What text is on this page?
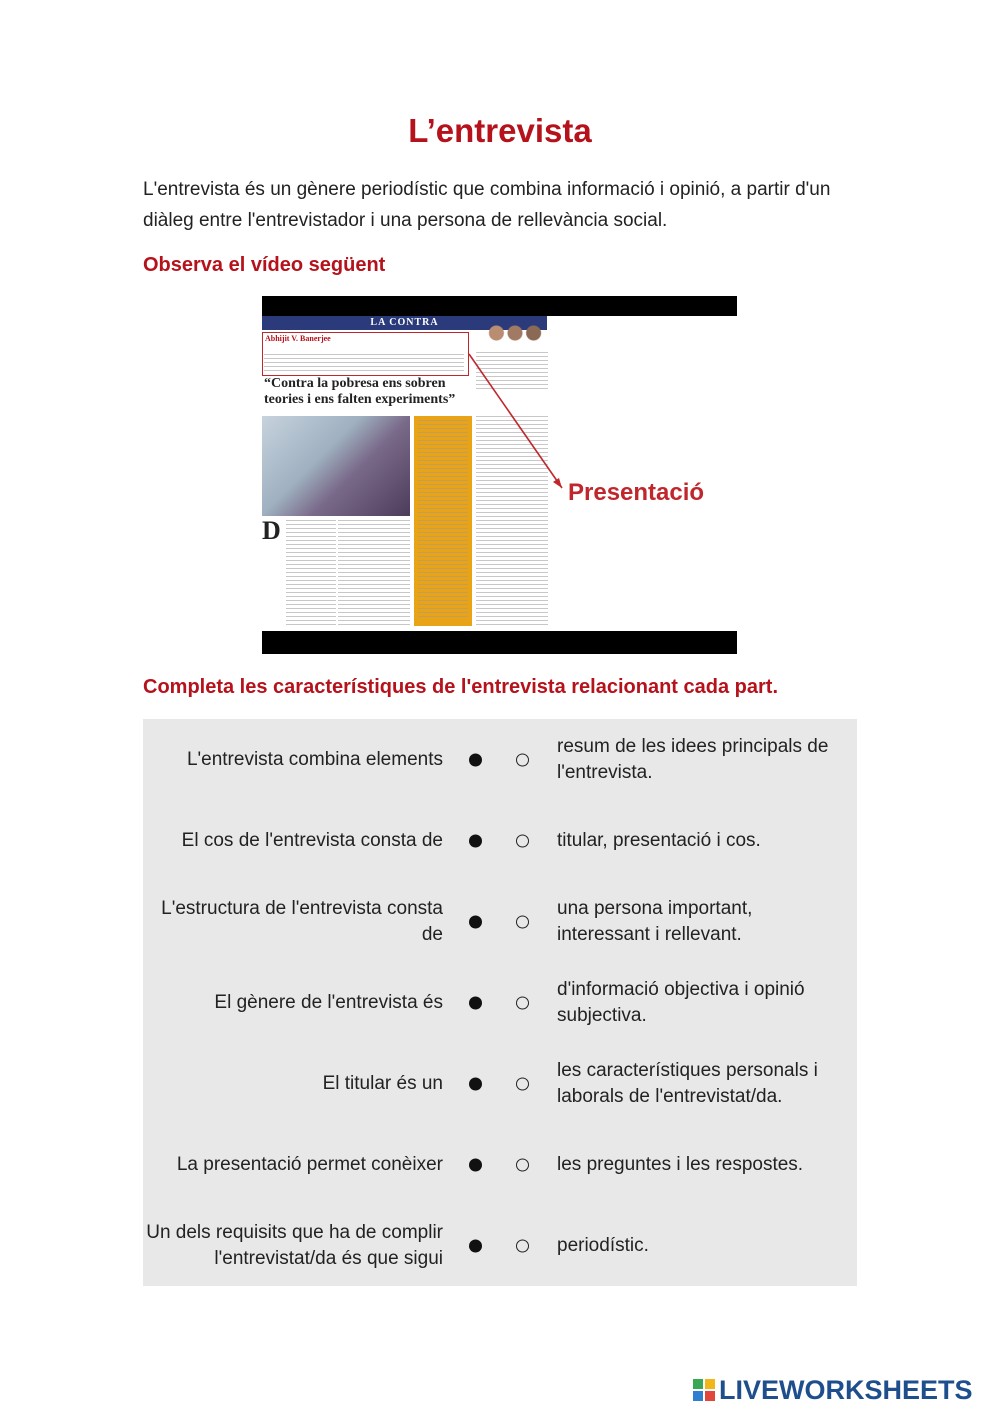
L’entrevista
L'entrevista és un gènere periodístic que combina informació i opinió, a partir d'un diàleg entre l'entrevistador i una persona de rellevància social.
Observa el vídeo següent
LA CONTRA
Abhijit V. Banerjee
“Contra la pobresa ens sobren teories i ens falten experiments”
D
Presentació
Completa les característiques de l'entrevista relacionant cada part.
L'entrevista combina elements
resum de les idees principals de l'entrevista.
El cos de l'entrevista consta de	titular, presentació i cos.
L'estructura de l'entrevista consta de
una persona important, interessant i rellevant.
El gènere de l'entrevista és
d'informació objectiva i opinió subjectiva.
El titular és un
les característiques personals i laborals de l'entrevistat/da.
La presentació permet conèixer	les preguntes i les respostes.
Un dels requisits que ha de complir l'entrevistat/da és que sigui
periodístic.
LIVEWORKSHEETS
